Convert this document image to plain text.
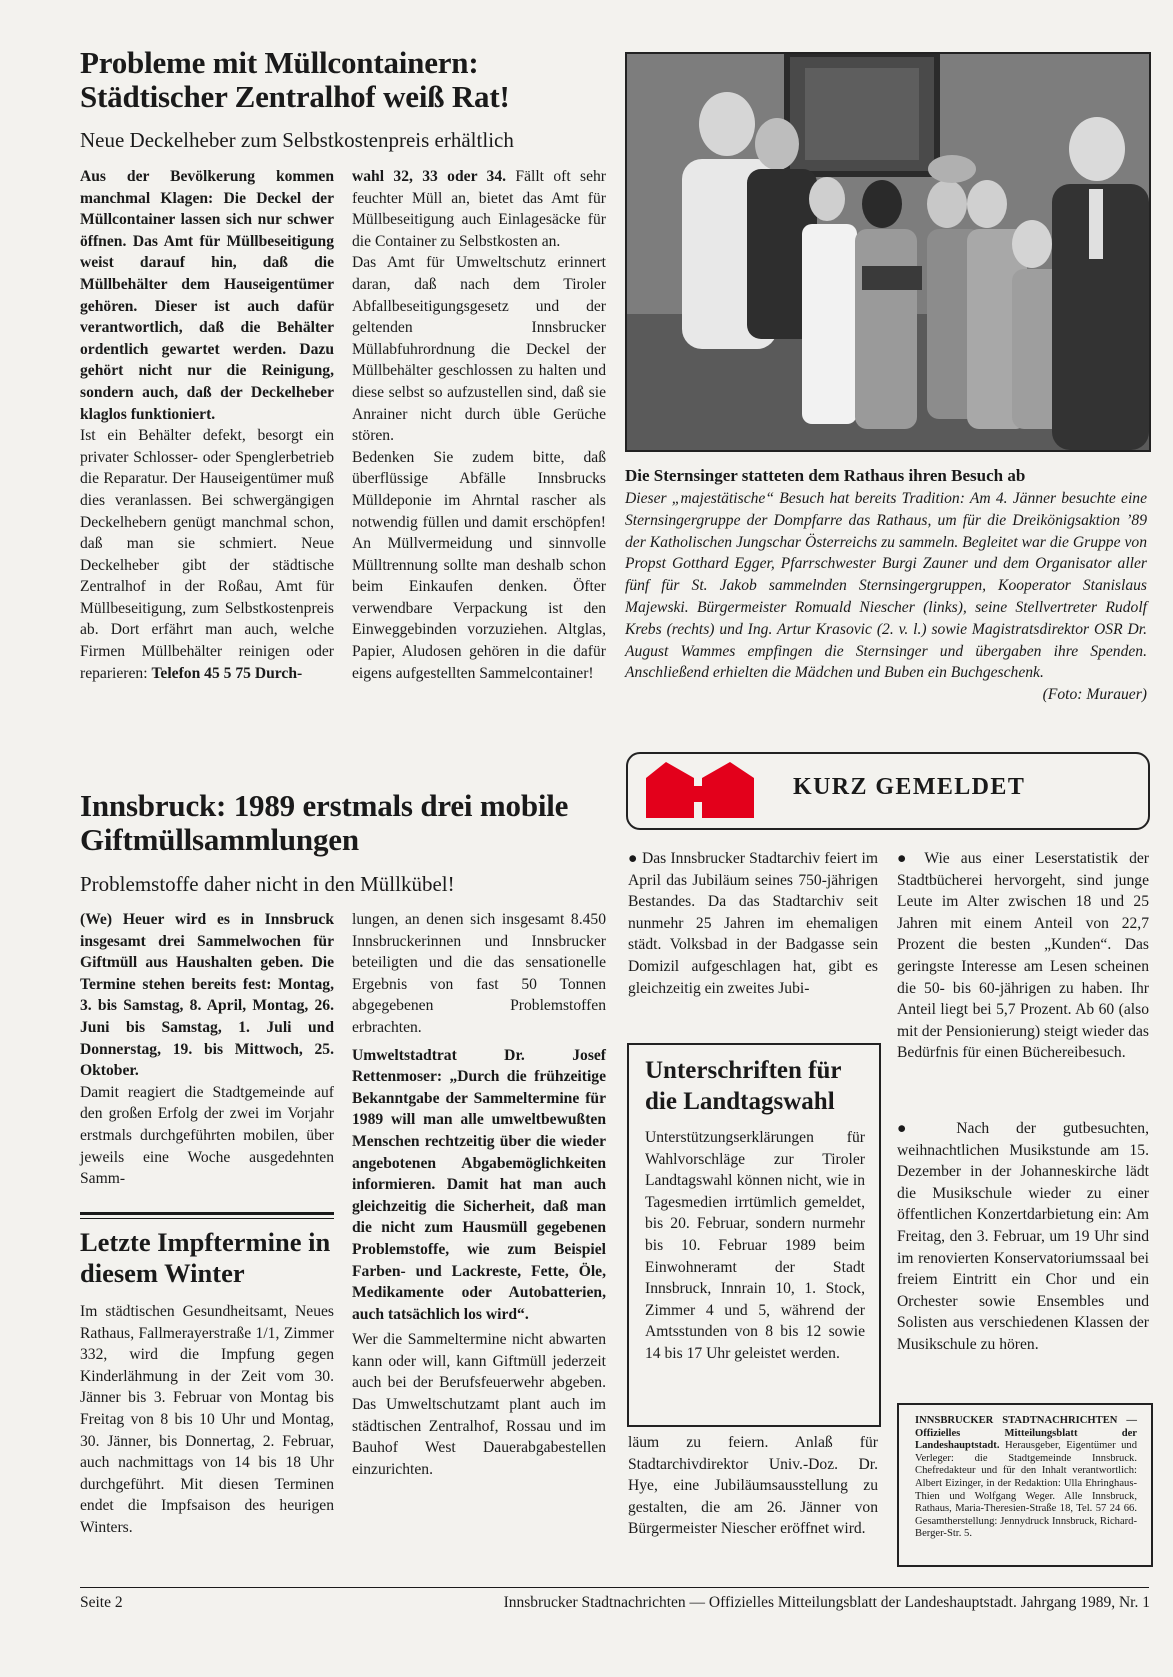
Probleme mit Müllcontainern: Städtischer Zentralhof weiß Rat!
Neue Deckelheber zum Selbstkostenpreis erhältlich

Aus der Bevölkerung kommen manchmal Klagen: Die Deckel der Müllcontainer lassen sich nur schwer öffnen. Das Amt für Müllbeseitigung weist darauf hin, daß die Müllbehälter dem Hauseigentümer gehören. Dieser ist auch dafür verantwortlich, daß die Behälter ordentlich gewartet werden. Dazu gehört nicht nur die Reinigung, sondern auch, daß der Deckelheber klaglos funktioniert.

Ist ein Behälter defekt, besorgt ein privater Schlosser- oder Spenglerbetrieb die Reparatur. Der Hauseigentümer muß dies veranlassen. Bei schwergängigen Deckelhebern genügt manchmal schon, daß man sie schmiert. Neue Deckelheber gibt der städtische Zentralhof in der Roßau, Amt für Müllbeseitigung, zum Selbstkostenpreis ab. Dort erfährt man auch, welche Firmen Müllbehälter reinigen oder reparieren: Telefon 45 5 75 Durch-

wahl 32, 33 oder 34. Fällt oft sehr feuchter Müll an, bietet das Amt für Müllbeseitigung auch Einlagesäcke für die Container zu Selbstkosten an.

Das Amt für Umweltschutz erinnert daran, daß nach dem Tiroler Abfallbeseitigungsgesetz und der geltenden Innsbrucker Müllabfuhrordnung die Deckel der Müllbehälter geschlossen zu halten und diese selbst so aufzustellen sind, daß sie Anrainer nicht durch üble Gerüche stören.

Bedenken Sie zudem bitte, daß überflüssige Abfälle Innsbrucks Mülldeponie im Ahrntal rascher als notwendig füllen und damit erschöpfen! An Müllvermeidung und sinnvolle Mülltrennung sollte man deshalb schon beim Einkaufen denken. Öfter verwendbare Verpackung ist den Einweggebinden vorzuziehen. Altglas, Papier, Aludosen gehören in die dafür eigens aufgestellten Sammelcontainer!

Die Sternsinger statteten dem Rathaus ihren Besuch ab
Dieser „majestätische“ Besuch hat bereits Tradition: Am 4. Jänner besuchte eine Sternsingergruppe der Dompfarre das Rathaus, um für die Dreikönigsaktion ’89 der Katholischen Jungschar Österreichs zu sammeln. Begleitet war die Gruppe von Propst Gotthard Egger, Pfarrschwester Burgi Zauner und dem Organisator aller fünf für St. Jakob sammelnden Sternsingergruppen, Kooperator Stanislaus Majewski. Bürgermeister Romuald Niescher (links), seine Stellvertreter Rudolf Krebs (rechts) und Ing. Artur Krasovic (2. v. l.) sowie Magistratsdirektor OSR Dr. August Wammes empfingen die Sternsinger und übergaben ihre Spenden. Anschließend erhielten die Mädchen und Buben ein Buchgeschenk.
(Foto: Murauer)
Innsbruck: 1989 erstmals drei mobile Giftmüllsammlungen
Problemstoffe daher nicht in den Müllkübel!

(We) Heuer wird es in Innsbruck insgesamt drei Sammelwochen für Giftmüll aus Haushalten geben. Die Termine stehen bereits fest: Montag, 3. bis Samstag, 8. April, Montag, 26. Juni bis Samstag, 1. Juli und Donnerstag, 19. bis Mittwoch, 25. Oktober.

Damit reagiert die Stadtgemeinde auf den großen Erfolg der zwei im Vorjahr erstmals durchgeführten mobilen, über jeweils eine Woche ausgedehnten Samm-

lungen, an denen sich insgesamt 8.450 Innsbruckerinnen und Innsbrucker beteiligten und die das sensationelle Ergebnis von fast 50 Tonnen abgegebenen Problemstoffen erbrachten.

Umweltstadtrat Dr. Josef Rettenmoser: „Durch die frühzeitige Bekanntgabe der Sammeltermine für 1989 will man alle umweltbewußten Menschen rechtzeitig über die wieder angebotenen Abgabemöglichkeiten informieren. Damit hat man auch gleichzeitig die Sicherheit, daß man die nicht zum Hausmüll gegebenen Problemstoffe, wie zum Beispiel Farben- und Lackreste, Fette, Öle, Medikamente oder Autobatterien, auch tatsächlich los wird“.

Wer die Sammeltermine nicht abwarten kann oder will, kann Giftmüll jederzeit auch bei der Berufsfeuerwehr abgeben. Das Umweltschutzamt plant auch im städtischen Zentralhof, Rossau und im Bauhof West Dauerabgabestellen einzurichten.

Letzte Impftermine in diesem Winter
Im städtischen Gesundheitsamt, Neues Rathaus, Fallmerayerstraße 1/1, Zimmer 332, wird die Impfung gegen Kinderlähmung in der Zeit vom 30. Jänner bis 3. Februar von Montag bis Freitag von 8 bis 10 Uhr und Montag, 30. Jänner, bis Donnertag, 2. Februar, auch nachmittags von 14 bis 18 Uhr durchgeführt. Mit diesen Terminen endet die Impfsaison des heurigen Winters.
KURZ GEMELDET
● Das Innsbrucker Stadtarchiv feiert im April das Jubiläum seines 750-jährigen Bestandes. Da das Stadtarchiv seit nunmehr 25 Jahren im ehemaligen städt. Volksbad in der Badgasse sein Domizil aufgeschlagen hat, gibt es gleichzeitig ein zweites Jubi-
Unterschriften für die Landtagswahl
Unterstützungserklärungen für Wahlvorschläge zur Tiroler Landtagswahl können nicht, wie in Tagesmedien irrtümlich gemeldet, bis 20. Februar, sondern nurmehr bis 10. Februar 1989 beim Einwohneramt der Stadt Innsbruck, Innrain 10, 1. Stock, Zimmer 4 und 5, während der Amtsstunden von 8 bis 12 sowie 14 bis 17 Uhr geleistet werden.
läum zu feiern. Anlaß für Stadtarchivdirektor Univ.-Doz. Dr. Hye, eine Jubiläumsausstellung zu gestalten, die am 26. Jänner von Bürgermeister Niescher eröffnet wird.
● Wie aus einer Leserstatistik der Stadtbücherei hervorgeht, sind junge Leute im Alter zwischen 18 und 25 Jahren mit einem Anteil von 22,7 Prozent die besten „Kunden“. Das geringste Interesse am Lesen scheinen die 50- bis 60-jährigen zu haben. Ihr Anteil liegt bei 5,7 Prozent. Ab 60 (also mit der Pensionierung) steigt wieder das Bedürfnis für einen Büchereibesuch.
● Nach der gutbesuchten, weihnachtlichen Musikstunde am 15. Dezember in der Johanneskirche lädt die Musikschule wieder zu einer öffentlichen Konzertdarbietung ein: Am Freitag, den 3. Februar, um 19 Uhr sind im renovierten Konservatoriumssaal bei freiem Eintritt ein Chor und ein Orchester sowie Ensembles und Solisten aus verschiedenen Klassen der Musikschule zu hören.
INNSBRUCKER STADTNACHRICHTEN — Offizielles Mitteilungsblatt der Landeshauptstadt. Herausgeber, Eigentümer und Verleger: die Stadtgemeinde Innsbruck. Chefredakteur und für den Inhalt verantwortlich: Albert Eizinger, in der Redaktion: Ulla Ehringhaus-Thien und Wolfgang Weger. Alle Innsbruck, Rathaus, Maria-Theresien-Straße 18, Tel. 57 24 66. Gesamtherstellung: Jennydruck Innsbruck, Richard-Berger-Str. 5.
Seite 2	Innsbrucker Stadtnachrichten — Offizielles Mitteilungsblatt der Landeshauptstadt. Jahrgang 1989, Nr. 1
